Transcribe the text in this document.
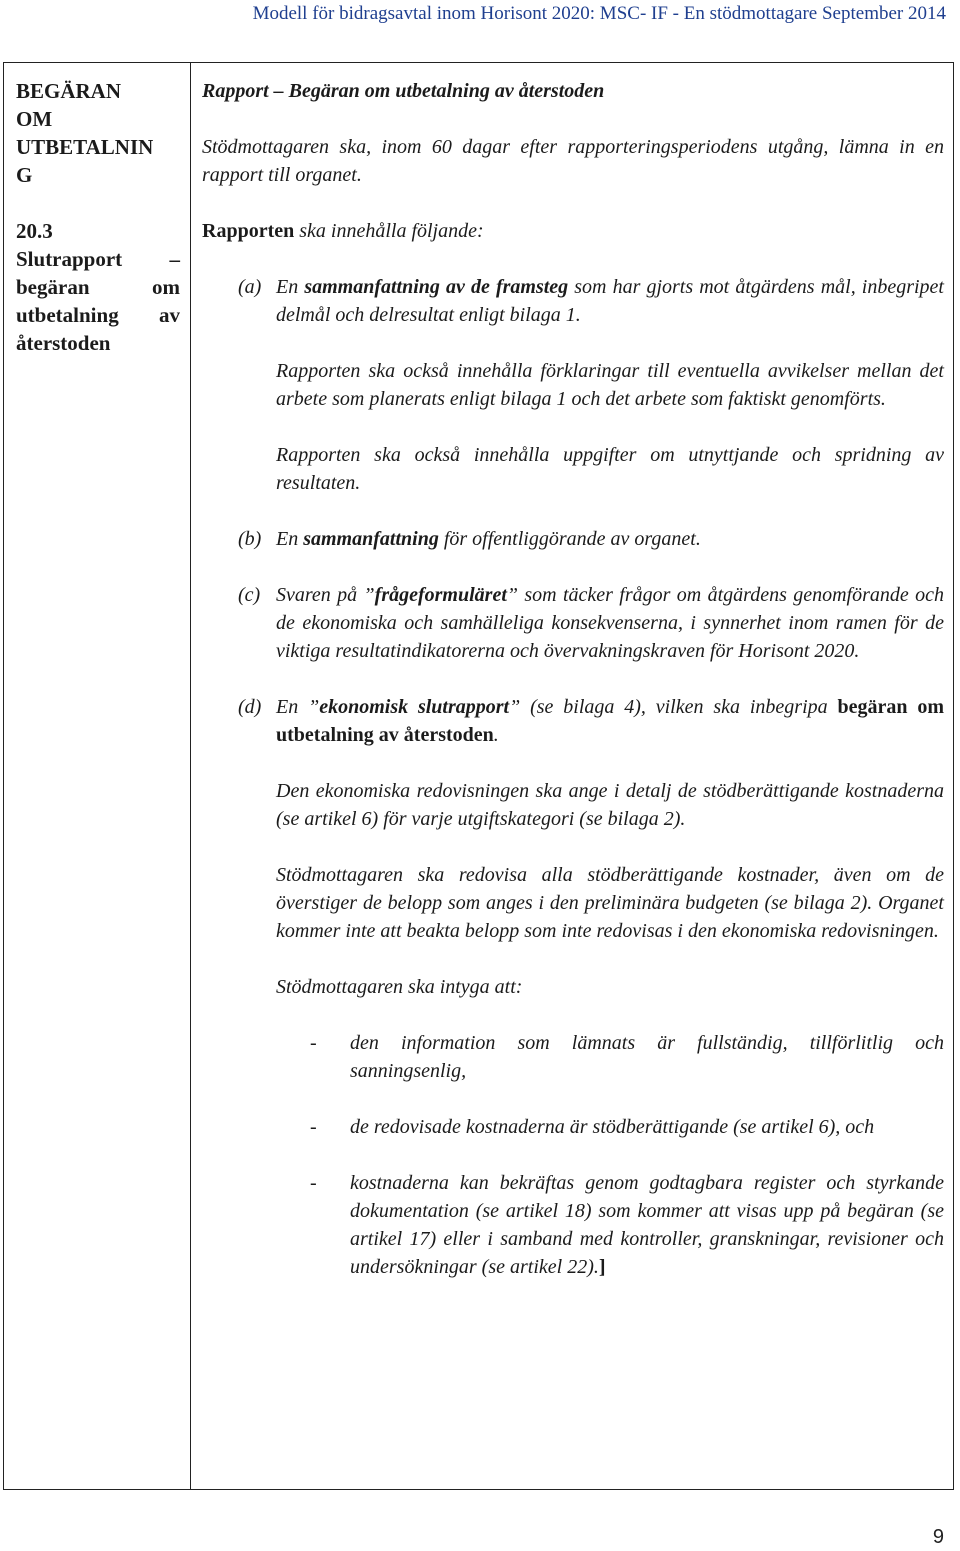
Modell för bidragsavtal inom Horisont 2020: MSC- IF - En stödmottagare September 2014
BEGÄRAN
OM
UTBETALNIN
G
20.3
Slutrapport –
begäran om
utbetalning av
återstoden

Rapport – Begäran om utbetalning av återstoden

Stödmottagaren ska, inom 60 dagar efter rapporteringsperiodens utgång, lämna in en rapport till organet.

Rapporten ska innehålla följande:

(a) En sammanfattning av de framsteg som har gjorts mot åtgärdens mål, inbegripet delmål och delresultat enligt bilaga 1.

Rapporten ska också innehålla förklaringar till eventuella avvikelser mellan det arbete som planerats enligt bilaga 1 och det arbete som faktiskt genomförts.

Rapporten ska också innehålla uppgifter om utnyttjande och spridning av resultaten.

(b) En sammanfattning för offentliggörande av organet.

(c) Svaren på ”frågeformuläret” som täcker frågor om åtgärdens genomförande och de ekonomiska och samhälleliga konsekvenserna, i synnerhet inom ramen för de viktiga resultatindikatorerna och övervakningskraven för Horisont 2020.

(d) En ”ekonomisk slutrapport” (se bilaga 4), vilken ska inbegripa begäran om utbetalning av återstoden.

Den ekonomiska redovisningen ska ange i detalj de stödberättigande kostnaderna (se artikel 6) för varje utgiftskategori (se bilaga 2).

Stödmottagaren ska redovisa alla stödberättigande kostnader, även om de överstiger de belopp som anges i den preliminära budgeten (se bilaga 2). Organet kommer inte att beakta belopp som inte redovisas i den ekonomiska redovisningen.

Stödmottagaren ska intyga att:

- den information som lämnats är fullständig, tillförlitlig och sanningsenlig,

- de redovisade kostnaderna är stödberättigande (se artikel 6), och

- kostnaderna kan bekräftas genom godtagbara register och styrkande dokumentation (se artikel 18) som kommer att visas upp på begäran (se artikel 17) eller i samband med kontroller, granskningar, revisioner och undersökningar (se artikel 22).]

9
